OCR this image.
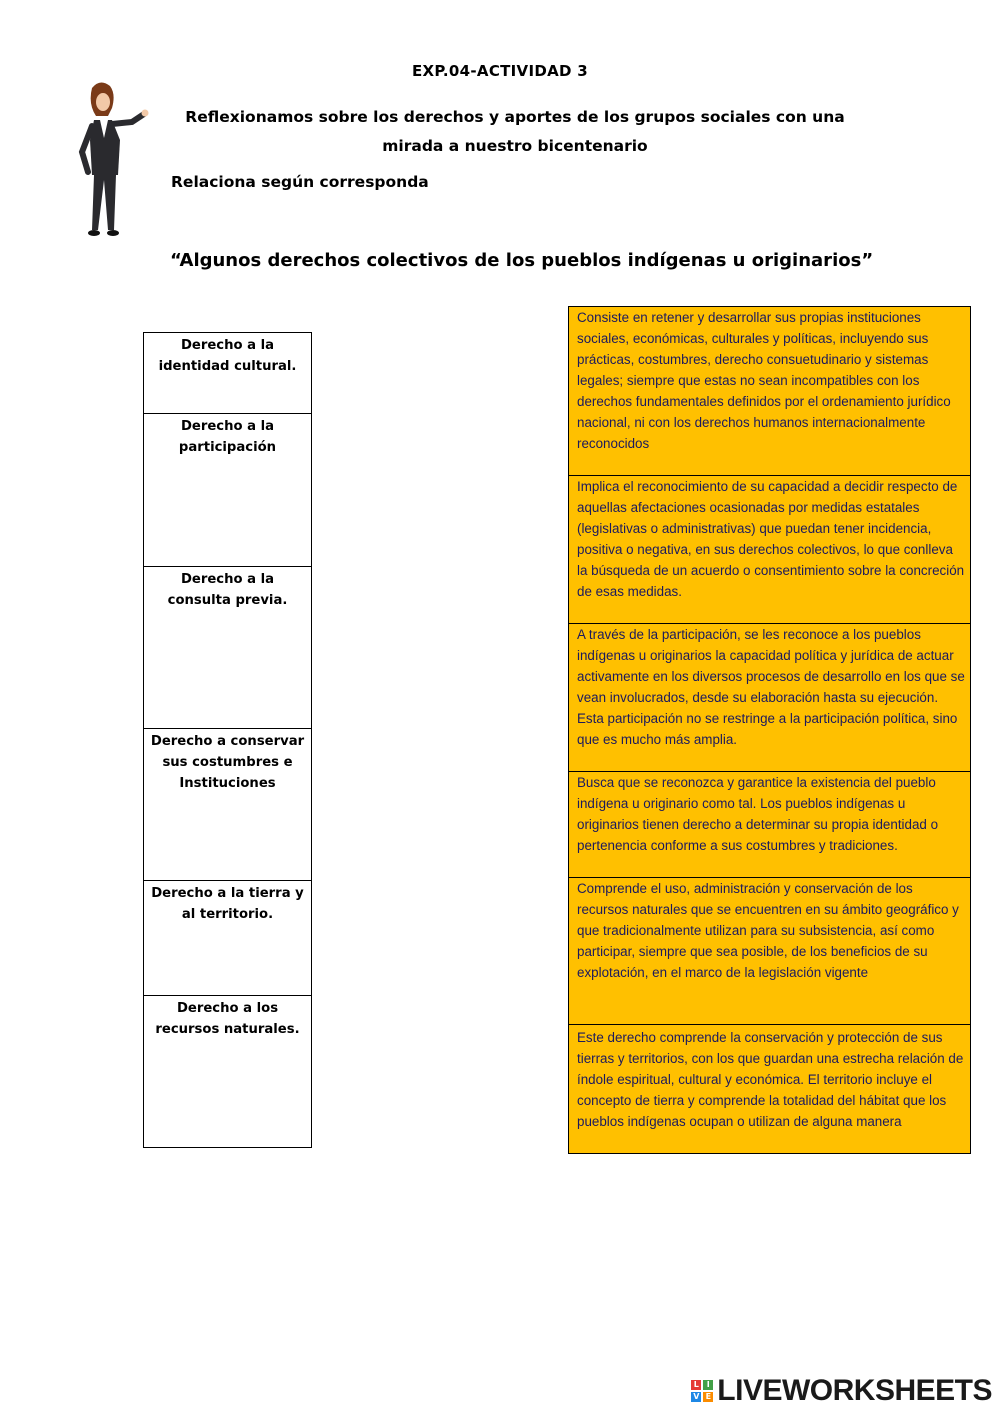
EXP.04-ACTIVIDAD 3
Reflexionamos sobre los derechos y aportes de los grupos sociales con una mirada a nuestro bicentenario
Relaciona según corresponda
“Algunos derechos colectivos de los pueblos indígenas u originarios”
Derecho a la identidad cultural.
Derecho a la participación
Derecho a la consulta previa.
Derecho a conservar sus costumbres e Instituciones
Derecho a la tierra y al territorio.
Derecho a los recursos naturales.
Consiste en retener y desarrollar sus propias instituciones sociales, económicas, culturales y políticas, incluyendo sus prácticas, costumbres, derecho consuetudinario y sistemas legales; siempre que estas no sean incompatibles con los derechos fundamentales definidos por el ordenamiento jurídico nacional, ni con los derechos humanos internacionalmente reconocidos
Implica el reconocimiento de su capacidad a decidir respecto de aquellas afectaciones ocasionadas por medidas estatales (legislativas o administrativas) que puedan tener incidencia, positiva o negativa, en sus derechos colectivos, lo que conlleva la búsqueda de un acuerdo o consentimiento sobre la concreción de esas medidas.
A través de la participación, se les reconoce a los pueblos indígenas u originarios la capacidad política y jurídica de actuar activamente en los diversos procesos de desarrollo en los que se vean involucrados, desde su elaboración hasta su ejecución. Esta participación no se restringe a la participación política, sino que es mucho más amplia.
Busca que se reconozca y garantice la existencia del pueblo indígena u originario como tal. Los pueblos indígenas u originarios tienen derecho a determinar su propia identidad o pertenencia conforme a sus costumbres y tradiciones.
Comprende el uso, administración y conservación de los recursos naturales que se encuentren en su ámbito geográfico y que tradicionalmente utilizan para su subsistencia, así como participar, siempre que sea posible, de los beneficios de su explotación, en el marco de la legislación vigente
Este derecho comprende la conservación y protección de sus tierras y territorios, con los que guardan una estrecha relación de índole espiritual, cultural y económica. El territorio incluye el concepto de tierra y comprende la totalidad del hábitat que los pueblos indígenas ocupan o utilizan de alguna manera
L I
V E LIVEWORKSHEETS
